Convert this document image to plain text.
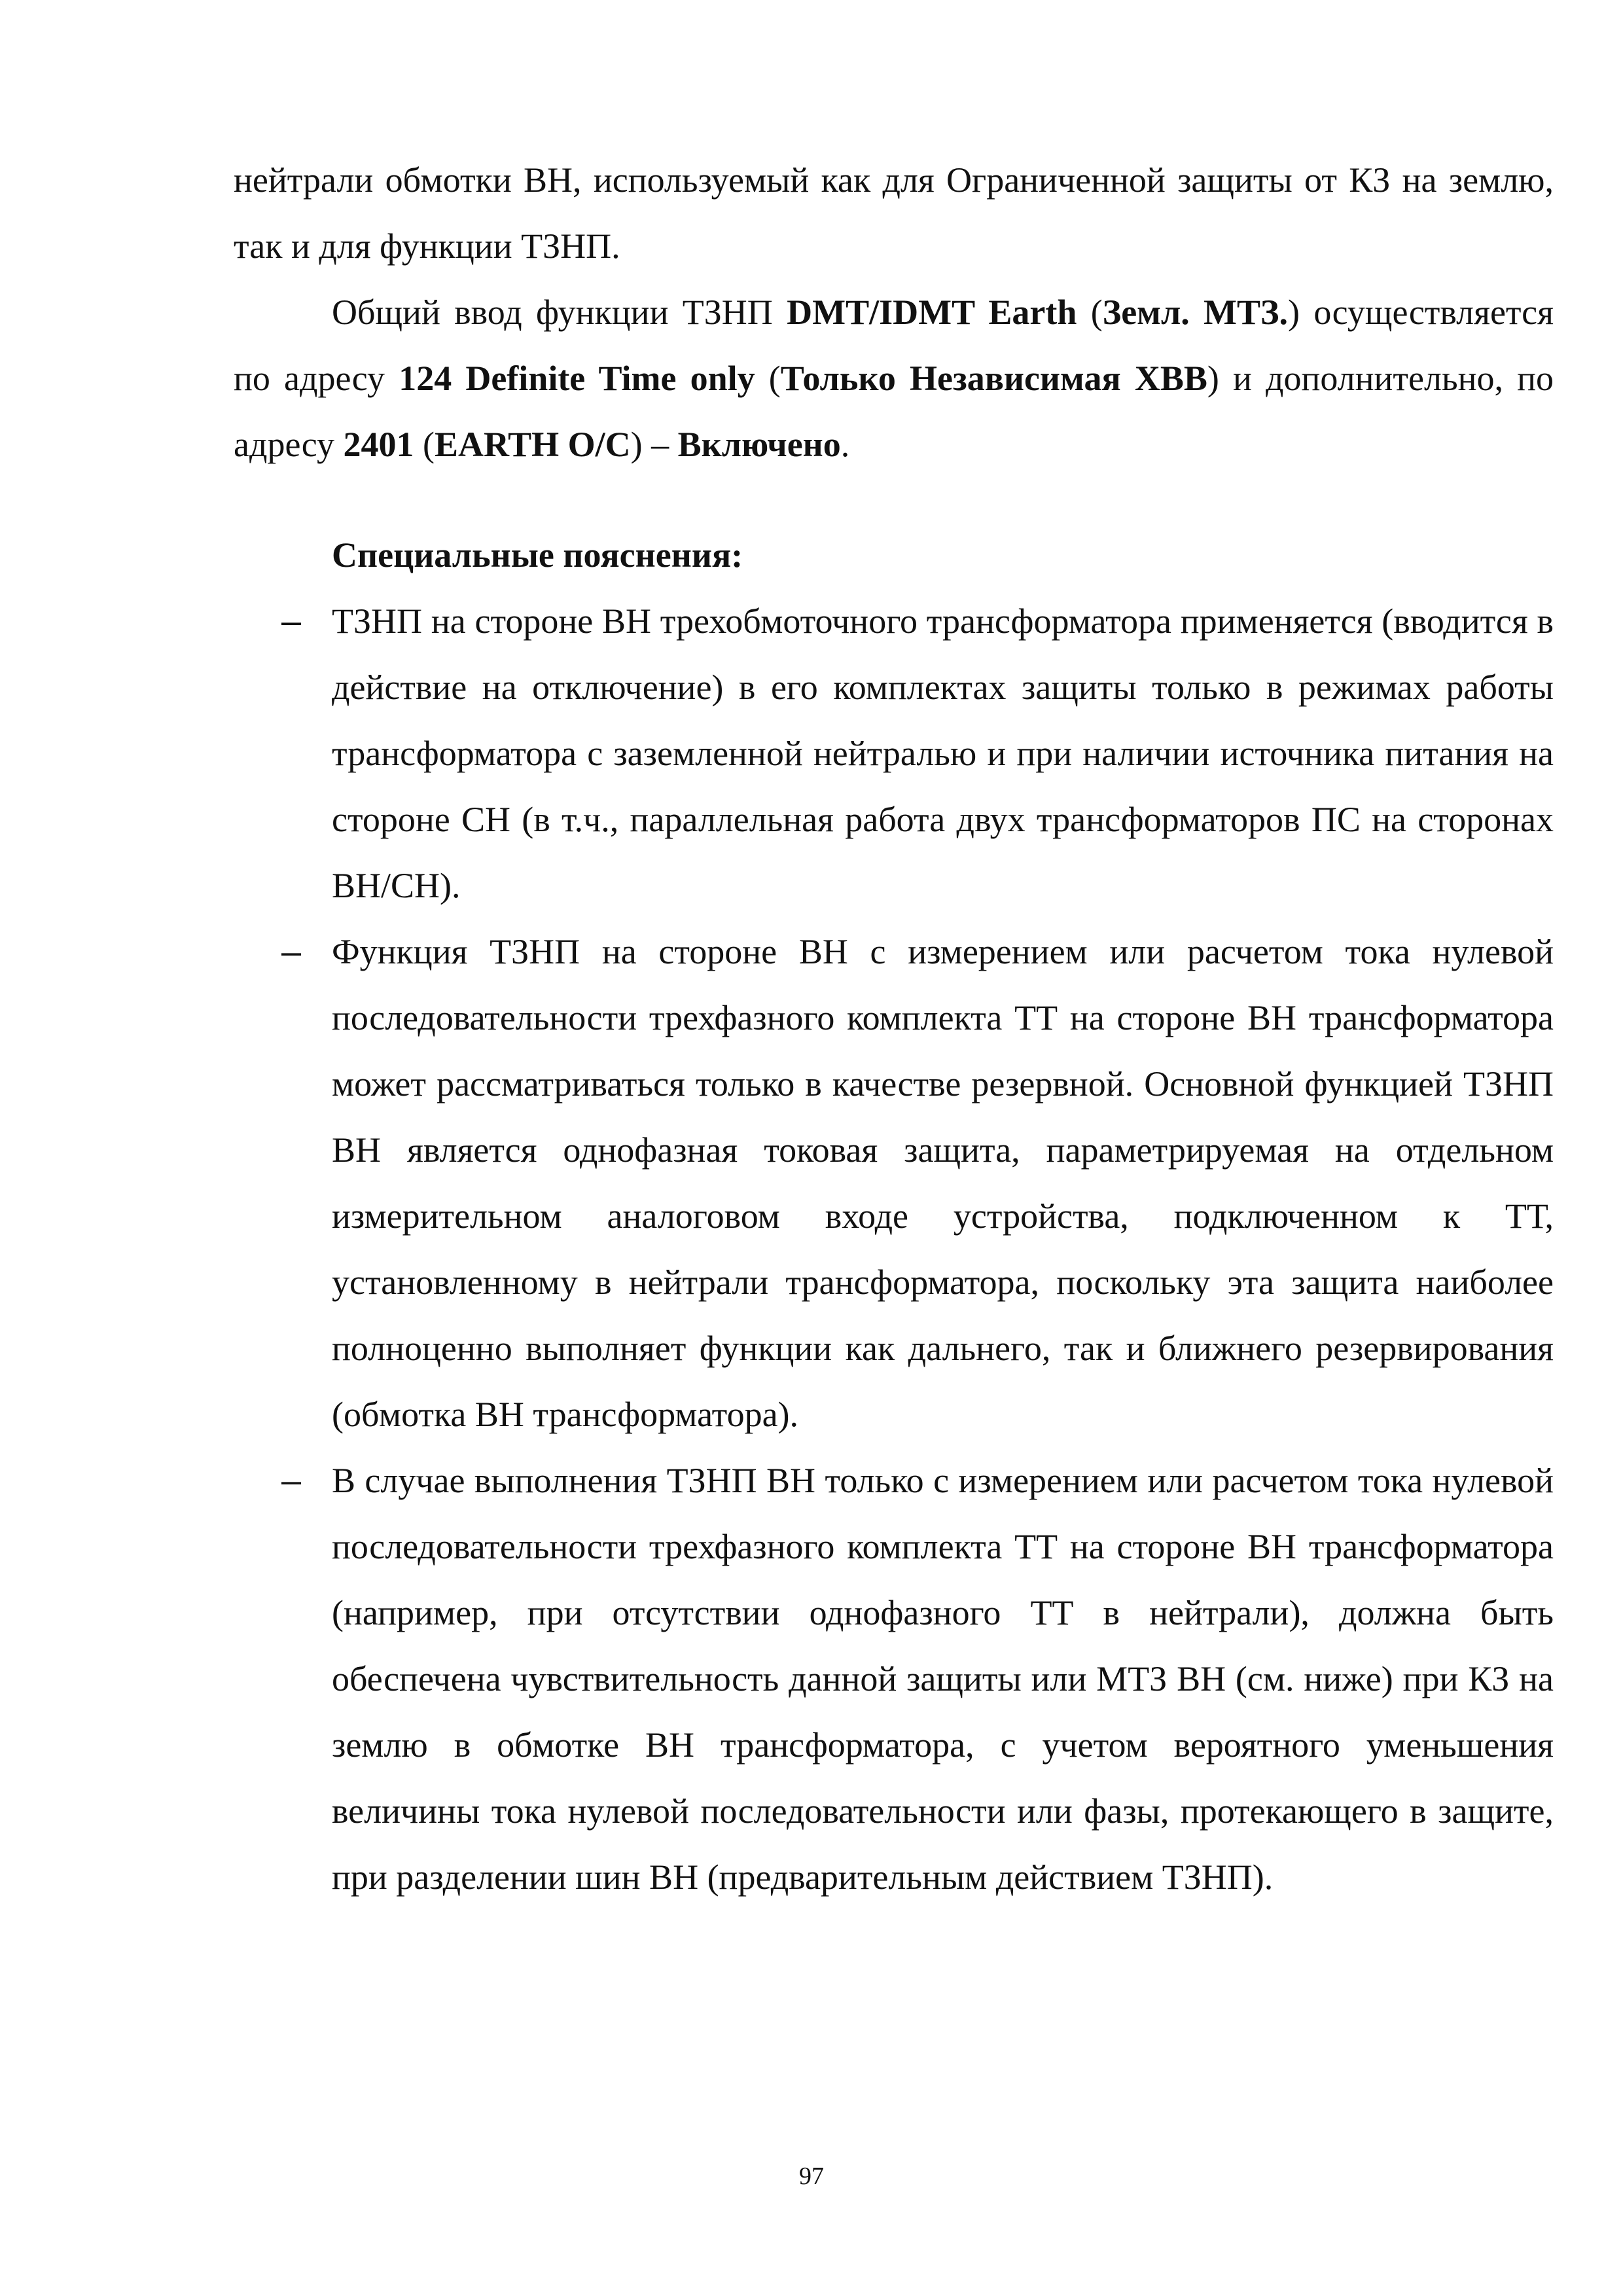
нейтрали обмотки ВН, используемый как для Ограниченной защиты от КЗ на землю, так и для функции ТЗНП.

Общий ввод функции ТЗНП DMT/IDMT Earth (Земл. МТЗ.) осуществляется по адресу 124 Definite Time only (Только Независимая ХВВ) и дополнительно, по адресу 2401 (EARTH O/C) – Включено.

Специальные пояснения:

– ТЗНП на стороне ВН трехобмоточного трансформатора применяется (вводится в действие на отключение) в его комплектах защиты только в режимах работы трансформатора с заземленной нейтралью и при наличии источника питания на стороне СН (в т.ч., параллельная работа двух трансформаторов ПС на сторонах ВН/СН).
– Функция ТЗНП на стороне ВН с измерением или расчетом тока нулевой последовательности трехфазного комплекта ТТ на стороне ВН трансформатора может рассматриваться только в качестве резервной. Основной функцией ТЗНП ВН является однофазная токовая защита, параметрируемая на отдельном измерительном аналоговом входе устройства, подключенном к ТТ, установленному в нейтрали трансформатора, поскольку эта защита наиболее полноценно выполняет функции как дальнего, так и ближнего резервирования (обмотка ВН трансформатора).
– В случае выполнения ТЗНП ВН только с измерением или расчетом тока нулевой последовательности трехфазного комплекта ТТ на стороне ВН трансформатора (например, при отсутствии однофазного ТТ в нейтрали), должна быть обеспечена чувствительность данной защиты или МТЗ ВН (см. ниже) при КЗ на землю в обмотке ВН трансформатора, с учетом вероятного уменьшения величины тока нулевой последовательности или фазы, протекающего в защите, при разделении шин ВН (предварительным действием ТЗНП).
97
